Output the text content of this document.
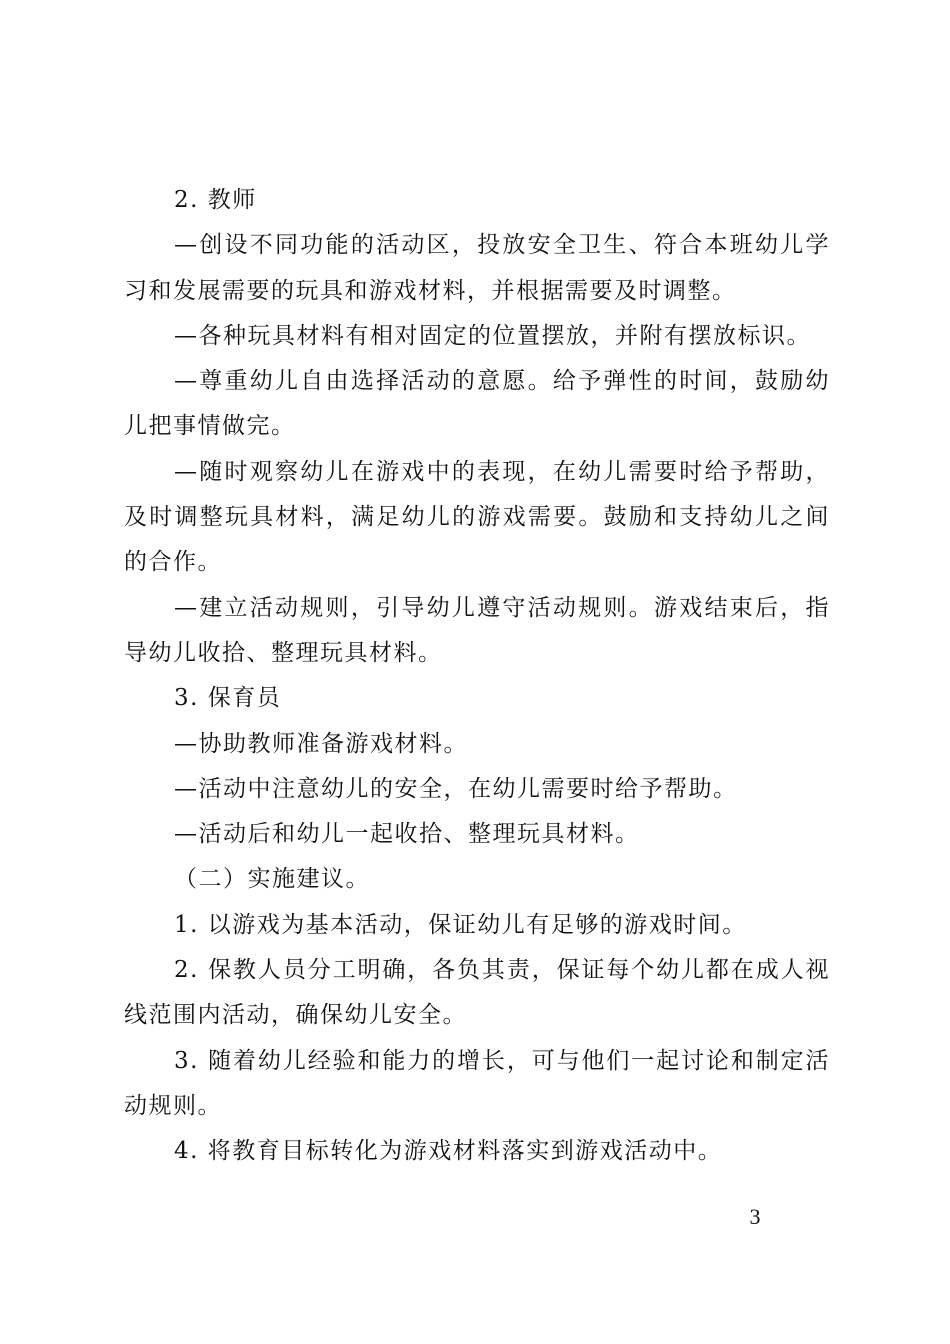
2. 教师

—创设不同功能的活动区，投放安全卫生、符合本班幼儿学习和发展需要的玩具和游戏材料，并根据需要及时调整。

—各种玩具材料有相对固定的位置摆放，并附有摆放标识。

—尊重幼儿自由选择活动的意愿。给予弹性的时间，鼓励幼儿把事情做完。

—随时观察幼儿在游戏中的表现，在幼儿需要时给予帮助，及时调整玩具材料，满足幼儿的游戏需要。鼓励和支持幼儿之间的合作。

—建立活动规则，引导幼儿遵守活动规则。游戏结束后，指导幼儿收拾、整理玩具材料。

3. 保育员

—协助教师准备游戏材料。

—活动中注意幼儿的安全，在幼儿需要时给予帮助。

—活动后和幼儿一起收拾、整理玩具材料。

（二）实施建议。

1. 以游戏为基本活动，保证幼儿有足够的游戏时间。

2. 保教人员分工明确，各负其责，保证每个幼儿都在成人视线范围内活动，确保幼儿安全。

3. 随着幼儿经验和能力的增长，可与他们一起讨论和制定活动规则。

4. 将教育目标转化为游戏材料落实到游戏活动中。

3
